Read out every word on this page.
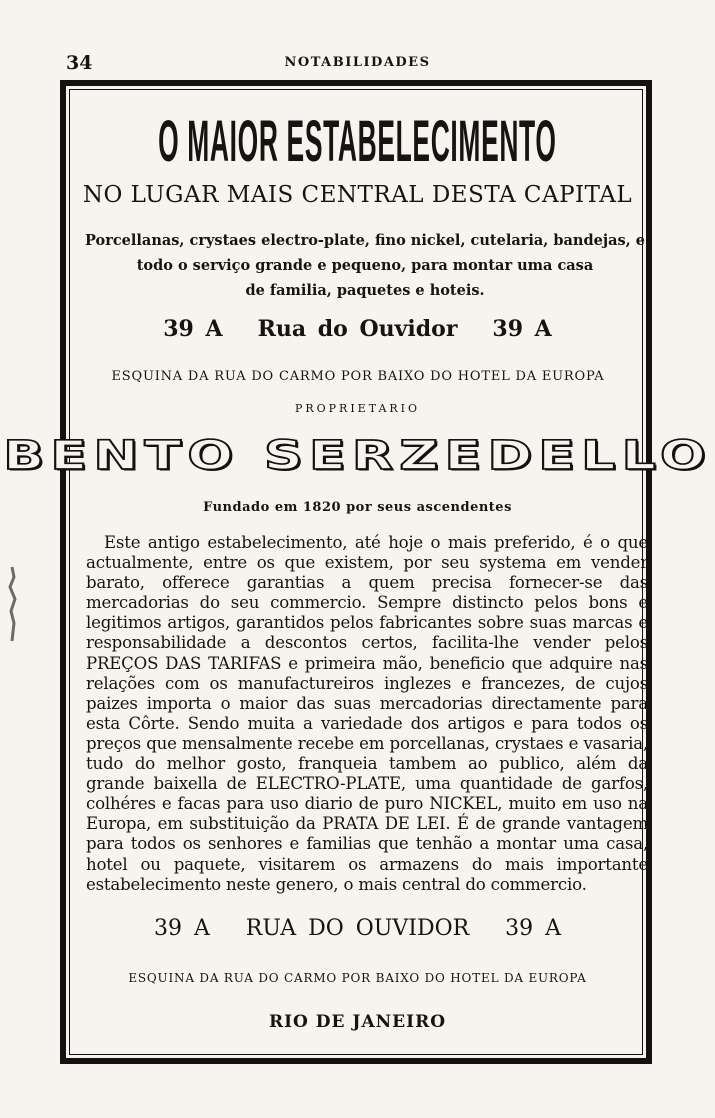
34	NOTABILIDADES
O MAIOR ESTABELECIMENTO
NO LUGAR MAIS CENTRAL DESTA CAPITAL
Porcellanas, crystaes electro-plate, fino nickel, cutelaria, bandejas, e
todo o serviço grande e pequeno, para montar uma casa
de familia, paquetes e hoteis.
39 A   Rua do Ouvidor   39 A
ESQUINA DA RUA DO CARMO POR BAIXO DO HOTEL DA EUROPA
PROPRIETARIO
BENTO SERZEDELLO
Fundado em 1820 por seus ascendentes

Este antigo estabelecimento, até hoje o mais preferido, é o que actualmente, entre os que existem, por seu systema em vender barato, offerece garantias a quem precisa fornecer-se das mercadorias do seu commercio. Sempre distincto pelos bons e legitimos artigos, garantidos pelos fabricantes sobre suas marcas e responsabilidade a descontos certos, facilita-lhe vender pelos PREÇOS DAS TARIFAS e primeira mão, beneficio que adquire nas relações com os manufactureiros inglezes e francezes, de cujos paizes importa o maior das suas mercadorias directamente para esta Côrte. Sendo muita a variedade dos artigos e para todos os preços que mensalmente recebe em porcellanas, crystaes e vasaria, tudo do melhor gosto, franqueia tambem ao publico, além da grande baixella de ELECTRO-PLATE, uma quantidade de garfos, colhéres e facas para uso diario de puro NICKEL, muito em uso na Europa, em substituição da PRATA DE LEI. É de grande vantagem para todos os senhores e familias que tenhão a montar uma casa, hotel ou paquete, visitarem os armazens do mais importante estabelecimento neste genero, o mais central do commercio.

39 A   RUA DO OUVIDOR   39 A
ESQUINA DA RUA DO CARMO POR BAIXO DO HOTEL DA EUROPA
RIO DE JANEIRO
